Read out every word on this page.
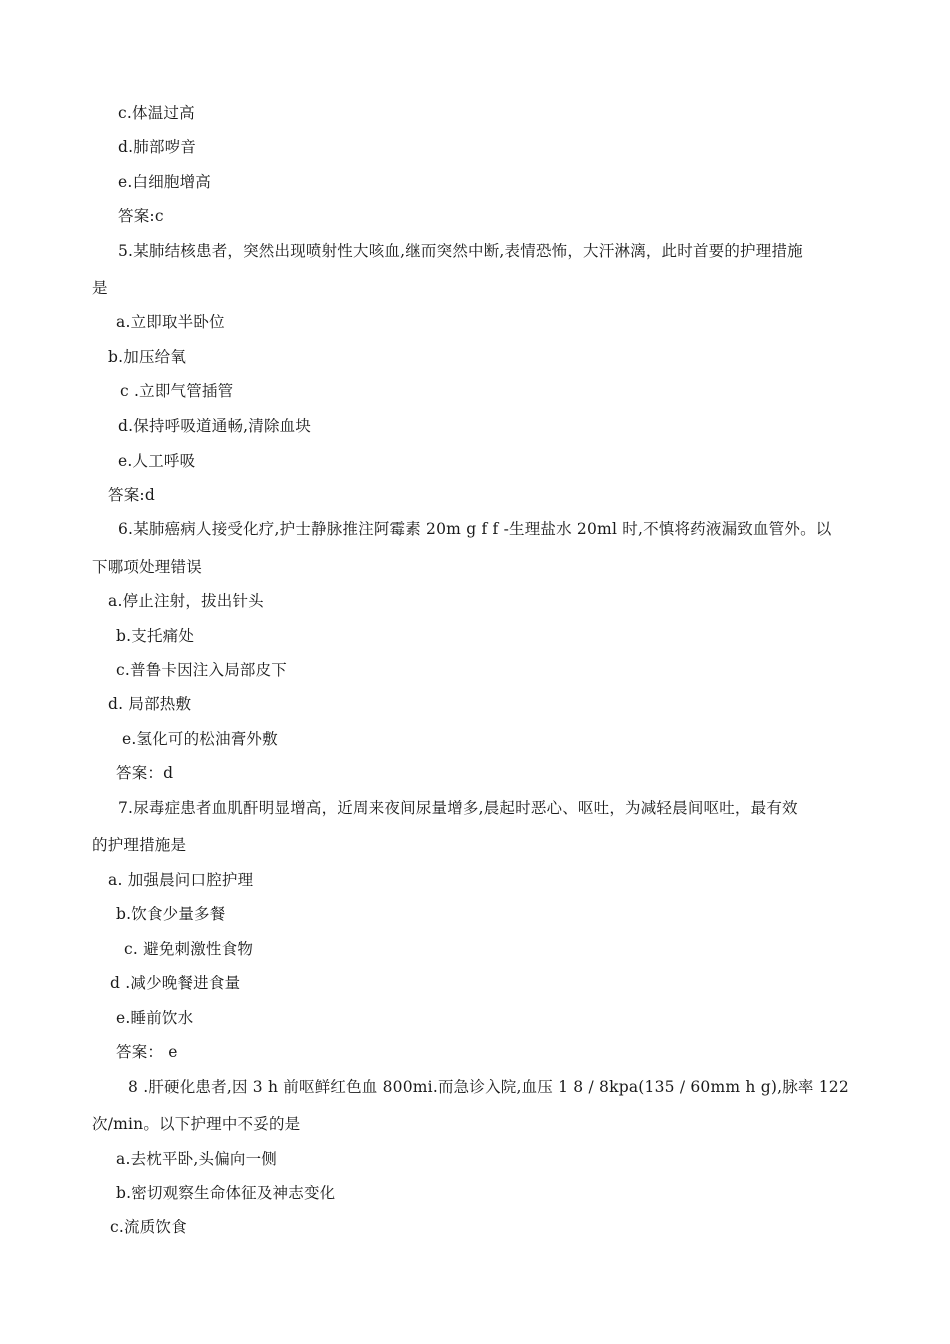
c.体温过高
d.肺部哕音
e.白细胞增高
答案:c
5.某肺结核患者，突然出现喷射性大咳血,继而突然中断,表情恐怖，大汗淋漓，此时首要的护理措施
是
a.立即取半卧位
b.加压给氧
c .立即气管插管
d.保持呼吸道通畅,清除血块
e.人工呼吸
答案:d
6.某肺癌病人接受化疗,护士静脉推注阿霉素 20m g f f -生理盐水 20ml 时,不慎将药液漏致血管外。以
下哪项处理错误
a.停止注射，拔出针头
b.支托痛处
c.普鲁卡因注入局部皮下
d. 局部热敷
e.氢化可的松油膏外敷
答案：d
7.尿毒症患者血肌酐明显增高，近周来夜间尿量增多,晨起时恶心、呕吐，为减轻晨间呕吐，最有效
的护理措施是
a. 加强晨问口腔护理
b.饮食少量多餐
c. 避免刺激性食物
d .减少晚餐进食量
e.睡前饮水
答案： e
8 .肝硬化患者,因 3 h 前呕鲜红色血 800mi.而急诊入院,血压 1 8 / 8kpa(135 / 60mm h g),脉率 122
次/min。以下护理中不妥的是
a.去枕平卧,头偏向一侧
b.密切观察生命体征及神志变化
c.流质饮食
